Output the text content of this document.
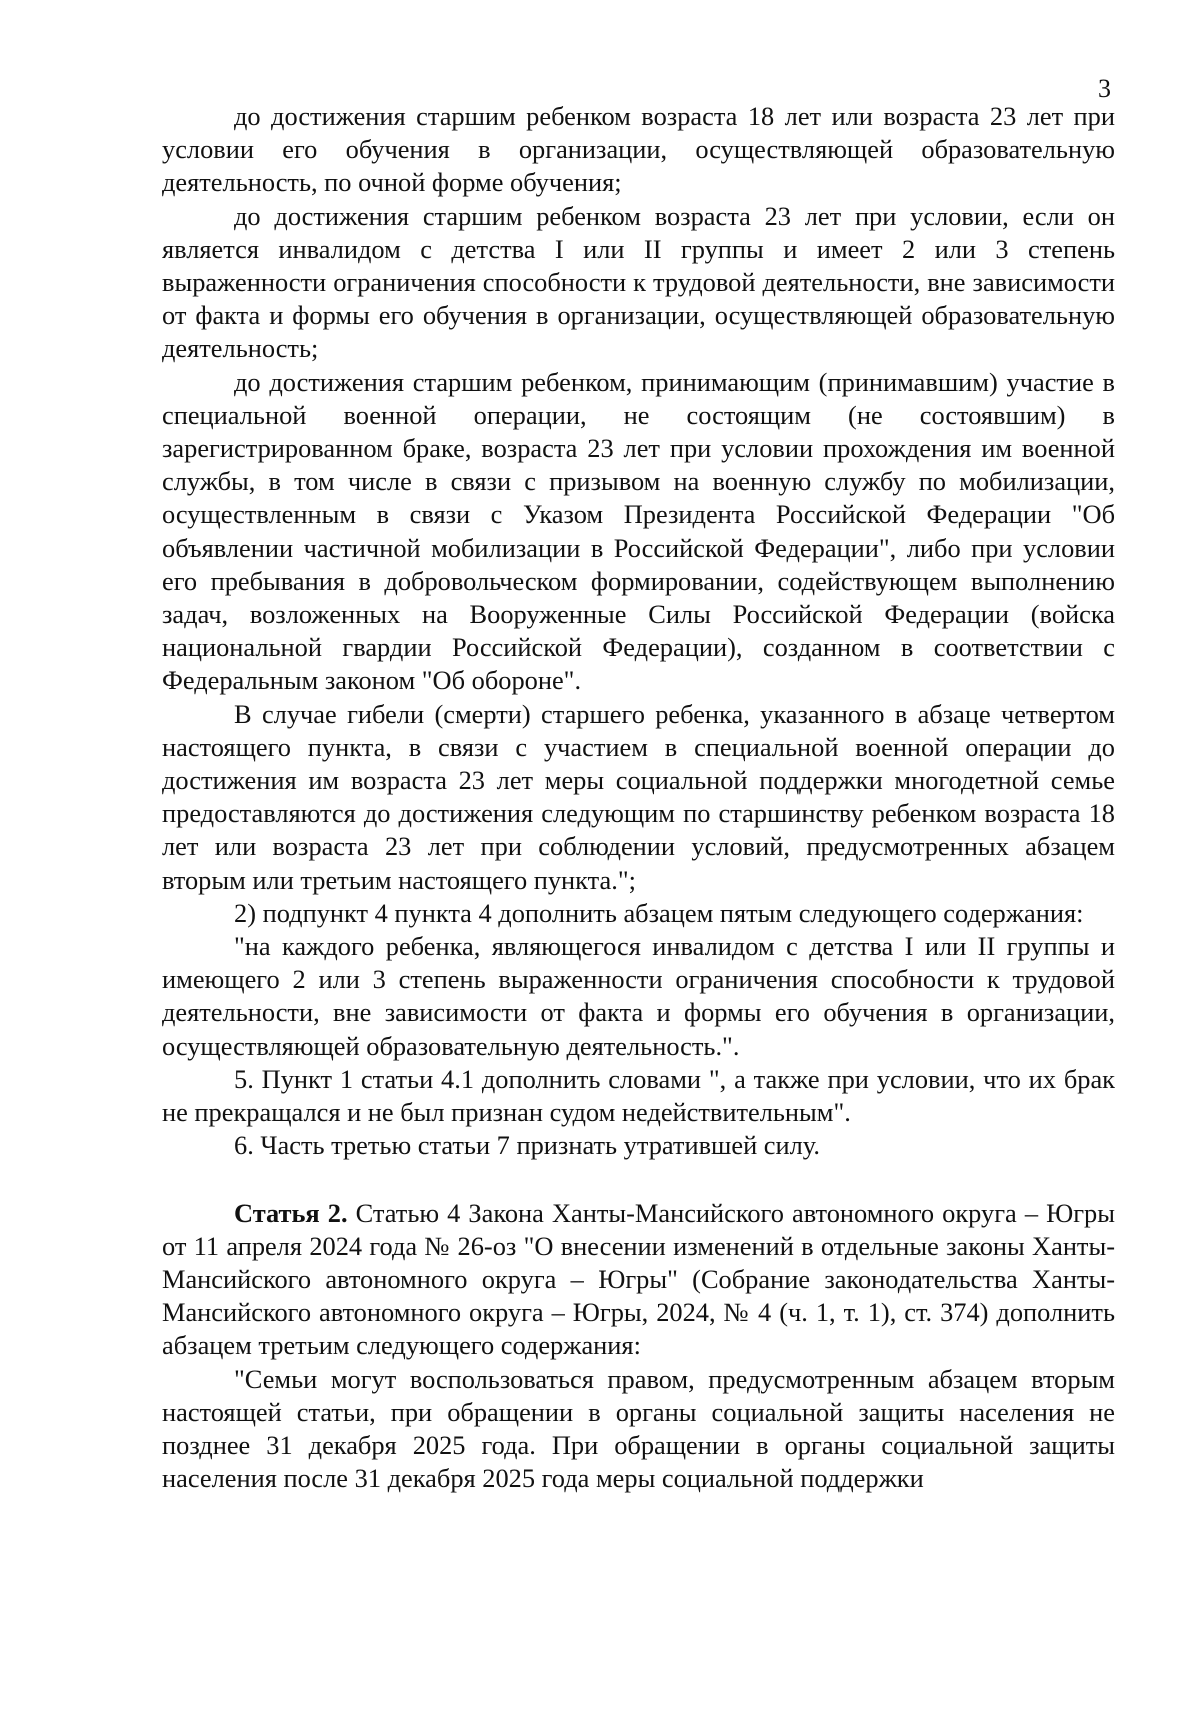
3

до достижения старшим ребенком возраста 18 лет или возраста 23 лет при условии его обучения в организации, осуществляющей образовательную деятельность, по очной форме обучения;

до достижения старшим ребенком возраста 23 лет при условии, если он является инвалидом с детства I или II группы и имеет 2 или 3 степень выраженности ограничения способности к трудовой деятельности, вне зависимости от факта и формы его обучения в организации, осуществляющей образовательную деятельность;

до достижения старшим ребенком, принимающим (принимавшим) участие в специальной военной операции, не состоящим (не состоявшим) в зарегистрированном браке, возраста 23 лет при условии прохождения им военной службы, в том числе в связи с призывом на военную службу по мобилизации, осуществленным в связи с Указом Президента Российской Федерации "Об объявлении частичной мобилизации в Российской Федерации", либо при условии его пребывания в добровольческом формировании, содействующем выполнению задач, возложенных на Вооруженные Силы Российской Федерации (войска национальной гвардии Российской Федерации), созданном в соответствии с Федеральным законом "Об обороне".

В случае гибели (смерти) старшего ребенка, указанного в абзаце четвертом настоящего пункта, в связи с участием в специальной военной операции до достижения им возраста 23 лет меры социальной поддержки многодетной семье предоставляются до достижения следующим по старшинству ребенком возраста 18 лет или возраста 23 лет при соблюдении условий, предусмотренных абзацем вторым или третьим настоящего пункта.";

2) подпункт 4 пункта 4 дополнить абзацем пятым следующего содержания:

"на каждого ребенка, являющегося инвалидом с детства I или II группы и имеющего 2 или 3 степень выраженности ограничения способности к трудовой деятельности, вне зависимости от факта и формы его обучения в организации, осуществляющей образовательную деятельность.".

5. Пункт 1 статьи 4.1 дополнить словами ", а также при условии, что их брак не прекращался и не был признан судом недействительным".

6. Часть третью статьи 7 признать утратившей силу.

Статья 2. Статью 4 Закона Ханты-Мансийского автономного округа – Югры от 11 апреля 2024 года № 26-оз "О внесении изменений в отдельные законы Ханты-Мансийского автономного округа – Югры" (Собрание законодательства Ханты-Мансийского автономного округа – Югры, 2024, № 4 (ч. 1, т. 1), ст. 374) дополнить абзацем третьим следующего содержания:

"Семьи могут воспользоваться правом, предусмотренным абзацем вторым настоящей статьи, при обращении в органы социальной защиты населения не позднее 31 декабря 2025 года. При обращении в органы социальной защиты населения после 31 декабря 2025 года меры социальной поддержки
